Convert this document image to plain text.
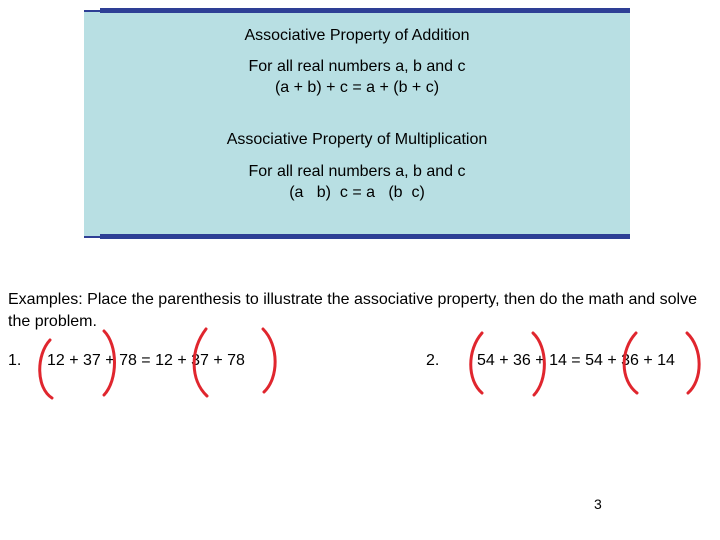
Associative Property of Addition
For all real numbers a, b and c
(a + b) + c = a + (b + c)
Associative Property of Multiplication
For all real numbers a, b and c
(a   b)  c = a   (b  c)
Examples: Place the parenthesis to illustrate the associative property, then do the math and solve the problem.
1. 12 + 37 + 78 = 12 + 37 + 78	2. 54 + 36 + 14 = 54 + 36 + 14
3
